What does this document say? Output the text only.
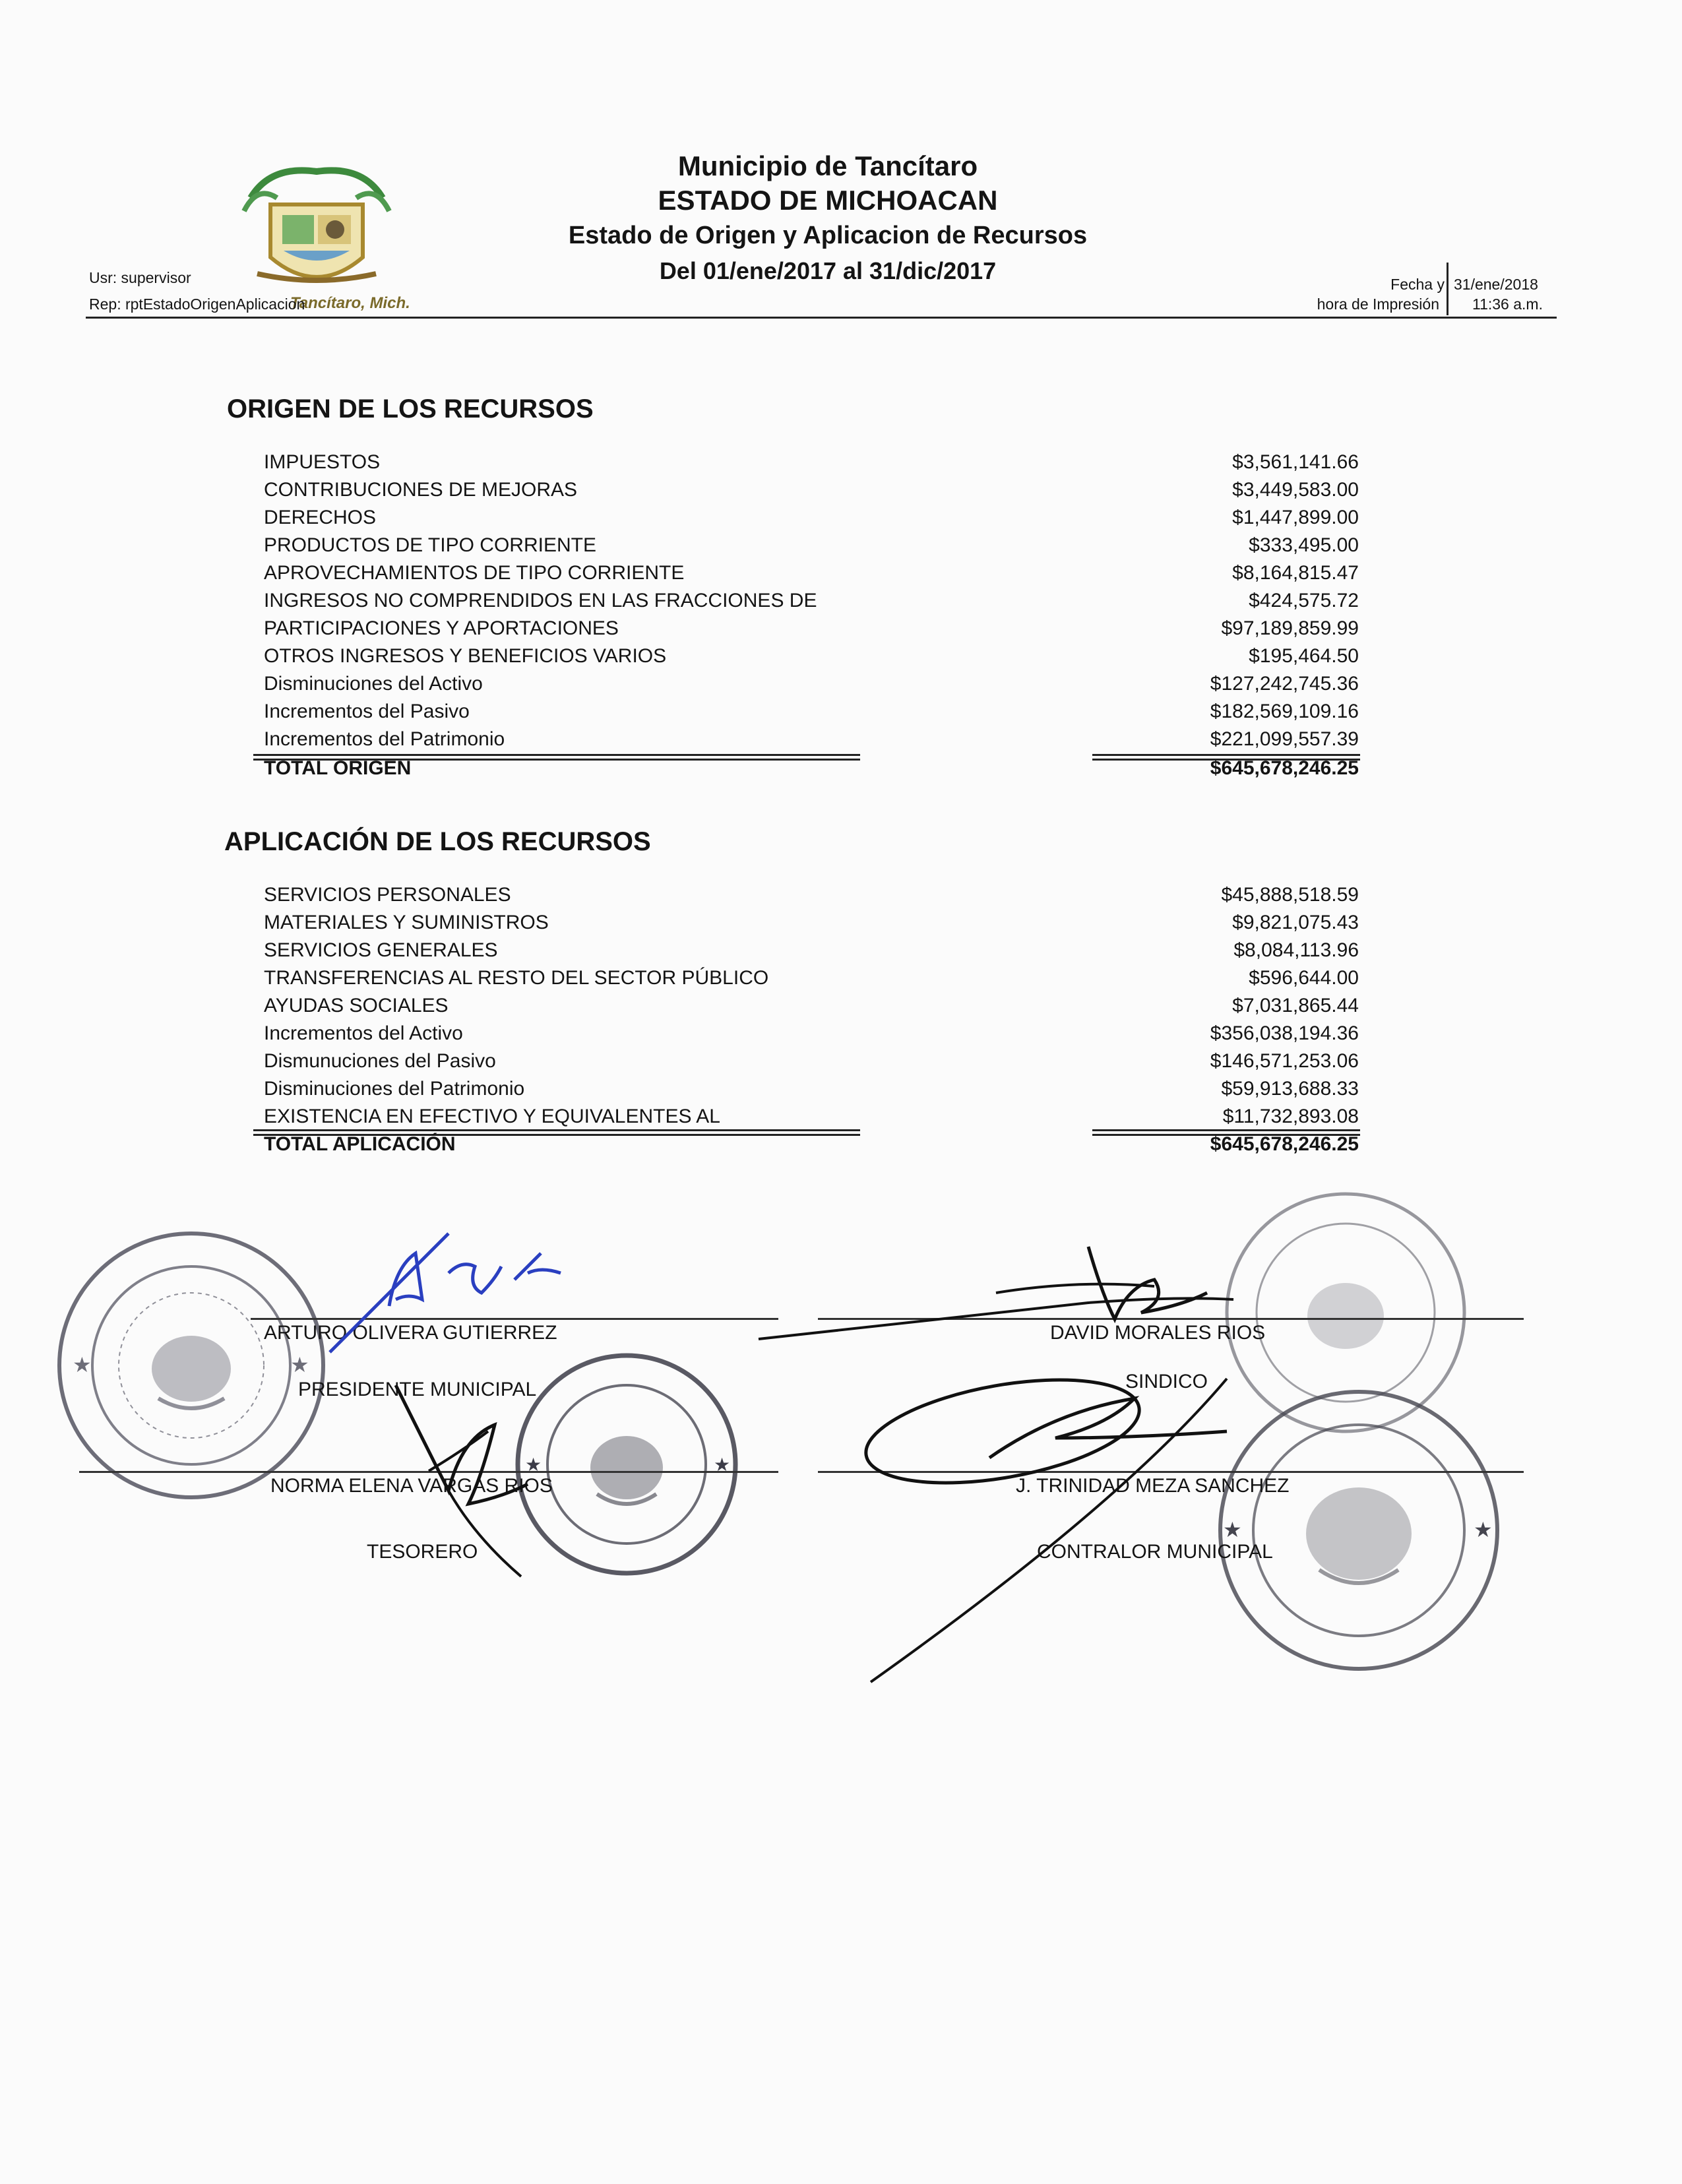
Tancítaro, Mich.
Municipio de Tancítaro
ESTADO DE MICHOACAN
Estado de Origen y Aplicacion de Recursos
Del 01/ene/2017 al 31/dic/2017
Usr: supervisor
Rep: rptEstadoOrigenAplicacion
Fecha y
hora de Impresión
31/ene/2018
11:36 a.m.
ORIGEN DE LOS RECURSOS
IMPUESTOS	$3,561,141.66
CONTRIBUCIONES DE MEJORAS	$3,449,583.00
DERECHOS	$1,447,899.00
PRODUCTOS DE TIPO CORRIENTE	$333,495.00
APROVECHAMIENTOS DE TIPO CORRIENTE	$8,164,815.47
INGRESOS NO COMPRENDIDOS EN LAS FRACCIONES DE	$424,575.72
PARTICIPACIONES Y APORTACIONES	$97,189,859.99
OTROS INGRESOS Y BENEFICIOS VARIOS	$195,464.50
Disminuciones del Activo	$127,242,745.36
Incrementos del Pasivo	$182,569,109.16
Incrementos del Patrimonio	$221,099,557.39
TOTAL ORIGEN	$645,678,246.25
APLICACIÓN DE LOS RECURSOS
SERVICIOS PERSONALES	$45,888,518.59
MATERIALES Y SUMINISTROS	$9,821,075.43
SERVICIOS GENERALES	$8,084,113.96
TRANSFERENCIAS AL RESTO DEL SECTOR PÚBLICO	$596,644.00
AYUDAS SOCIALES	$7,031,865.44
Incrementos del Activo	$356,038,194.36
Dismunuciones del Pasivo	$146,571,253.06
Disminuciones del Patrimonio	$59,913,688.33
EXISTENCIA EN EFECTIVO Y EQUIVALENTES AL	$11,732,893.08
TOTAL APLICACIÓN	$645,678,246.25
★	★
★	★
★	★
ARTURO OLIVERA GUTIERREZ
PRESIDENTE MUNICIPAL
DAVID MORALES RIOS
SINDICO
NORMA ELENA VARGAS RIOS
TESORERO
J. TRINIDAD MEZA SANCHEZ
CONTRALOR MUNICIPAL
